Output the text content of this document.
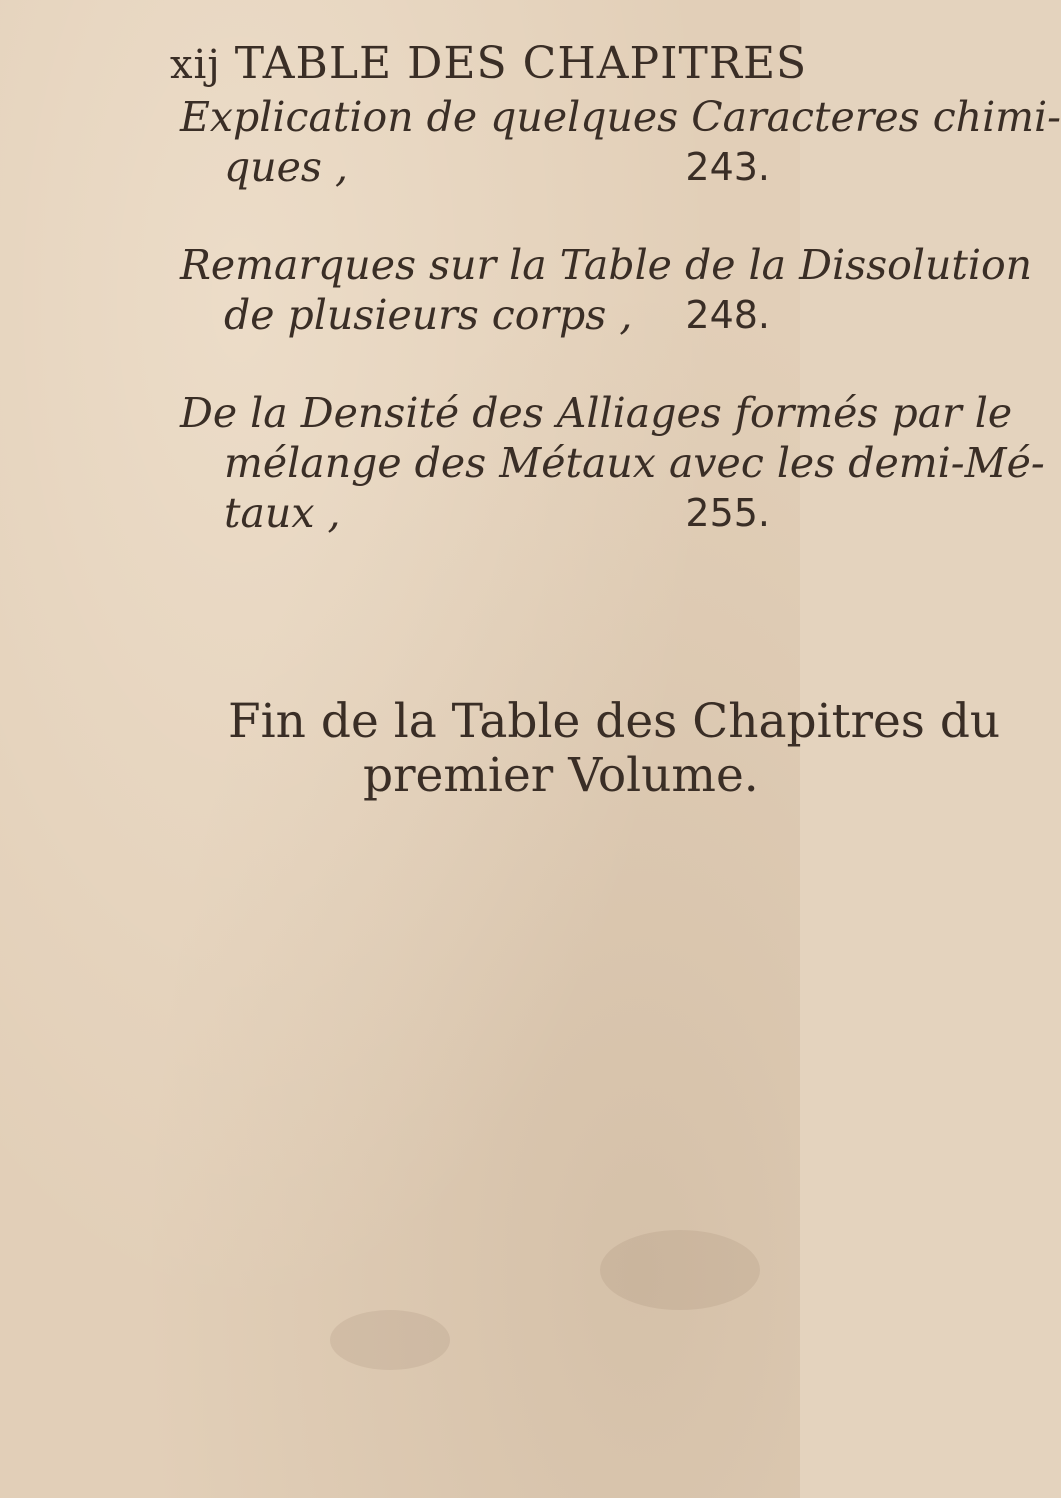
xij TABLE DES CHAPITRES
Explication de quelques Caracteres chimi-
ques ,	243.
Remarques sur la Table de la Dissolution
de plusieurs corps , 248.
De la Densité des Alliages formés par le
mélange des Métaux avec les demi-Mé-
taux ,	255.
Fin de la Table des Chapitres du
premier Volume.
